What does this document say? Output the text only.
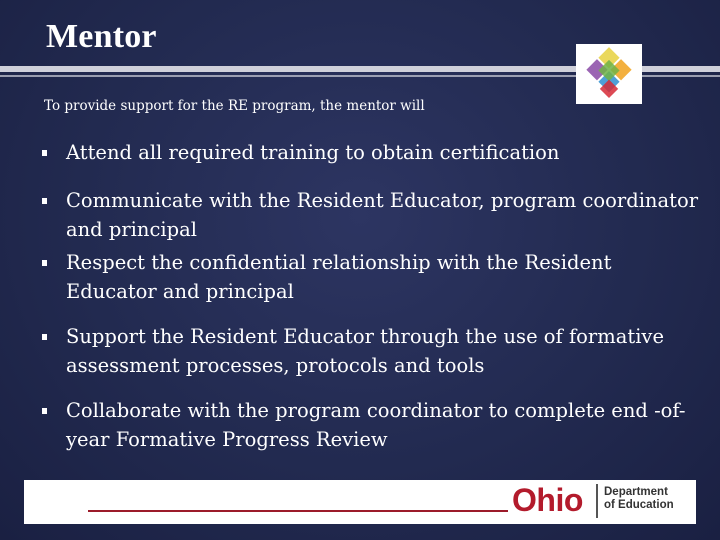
Mentor
To provide support for the RE program, the mentor will
Attend all required training to obtain certification
Communicate with the Resident Educator, program coordinator and principal
Respect the confidential relationship with the Resident Educator and principal
Support the Resident Educator through the use of formative assessment processes, protocols and tools
Collaborate with the program coordinator to complete end -of-year Formative Progress Review
Ohio Department
of Education
